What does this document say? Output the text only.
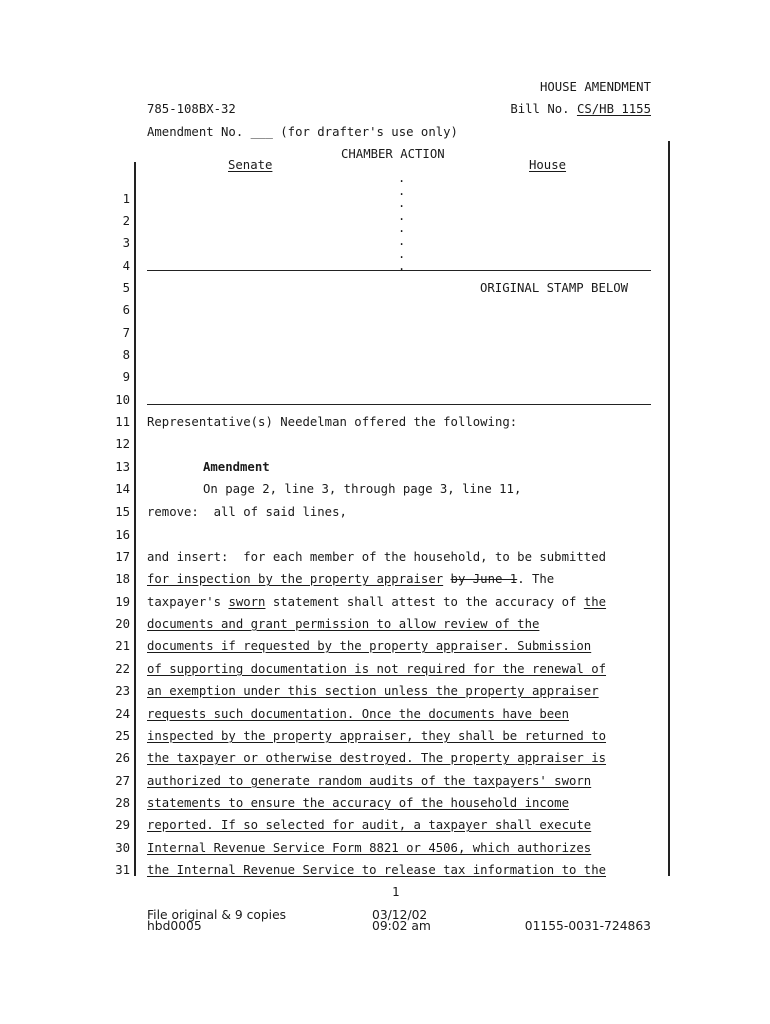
HOUSE AMENDMENT
785-108BX-32	Bill No. CS/HB 1155
Amendment No. ___ (for drafter's use only)
CHAMBER ACTION
Senate	House
.
.
.
.
.
.
.
.
ORIGINAL STAMP BELOW
1
2
3
4
5
6
7
8
9
10
11
12
13
14
15
16
17
18
19
20
21
22
23
24
25
26
27
28
29
30
31
Representative(s) Needelman offered the following:
Amendment
On page 2, line 3, through page 3, line 11,
remove:  all of said lines,
and insert:  for each member of the household, to be submitted
for inspection by the property appraiser by June 1. The
taxpayer's sworn statement shall attest to the accuracy of the
documents and grant permission to allow review of the
documents if requested by the property appraiser. Submission
of supporting documentation is not required for the renewal of
an exemption under this section unless the property appraiser
requests such documentation. Once the documents have been
inspected by the property appraiser, they shall be returned to
the taxpayer or otherwise destroyed. The property appraiser is
authorized to generate random audits of the taxpayers' sworn
statements to ensure the accuracy of the household income
reported. If so selected for audit, a taxpayer shall execute
Internal Revenue Service Form 8821 or 4506, which authorizes
the Internal Revenue Service to release tax information to the
1
File original & 9 copies
hbd0005
03/12/02
09:02 am	01155-0031-724863
